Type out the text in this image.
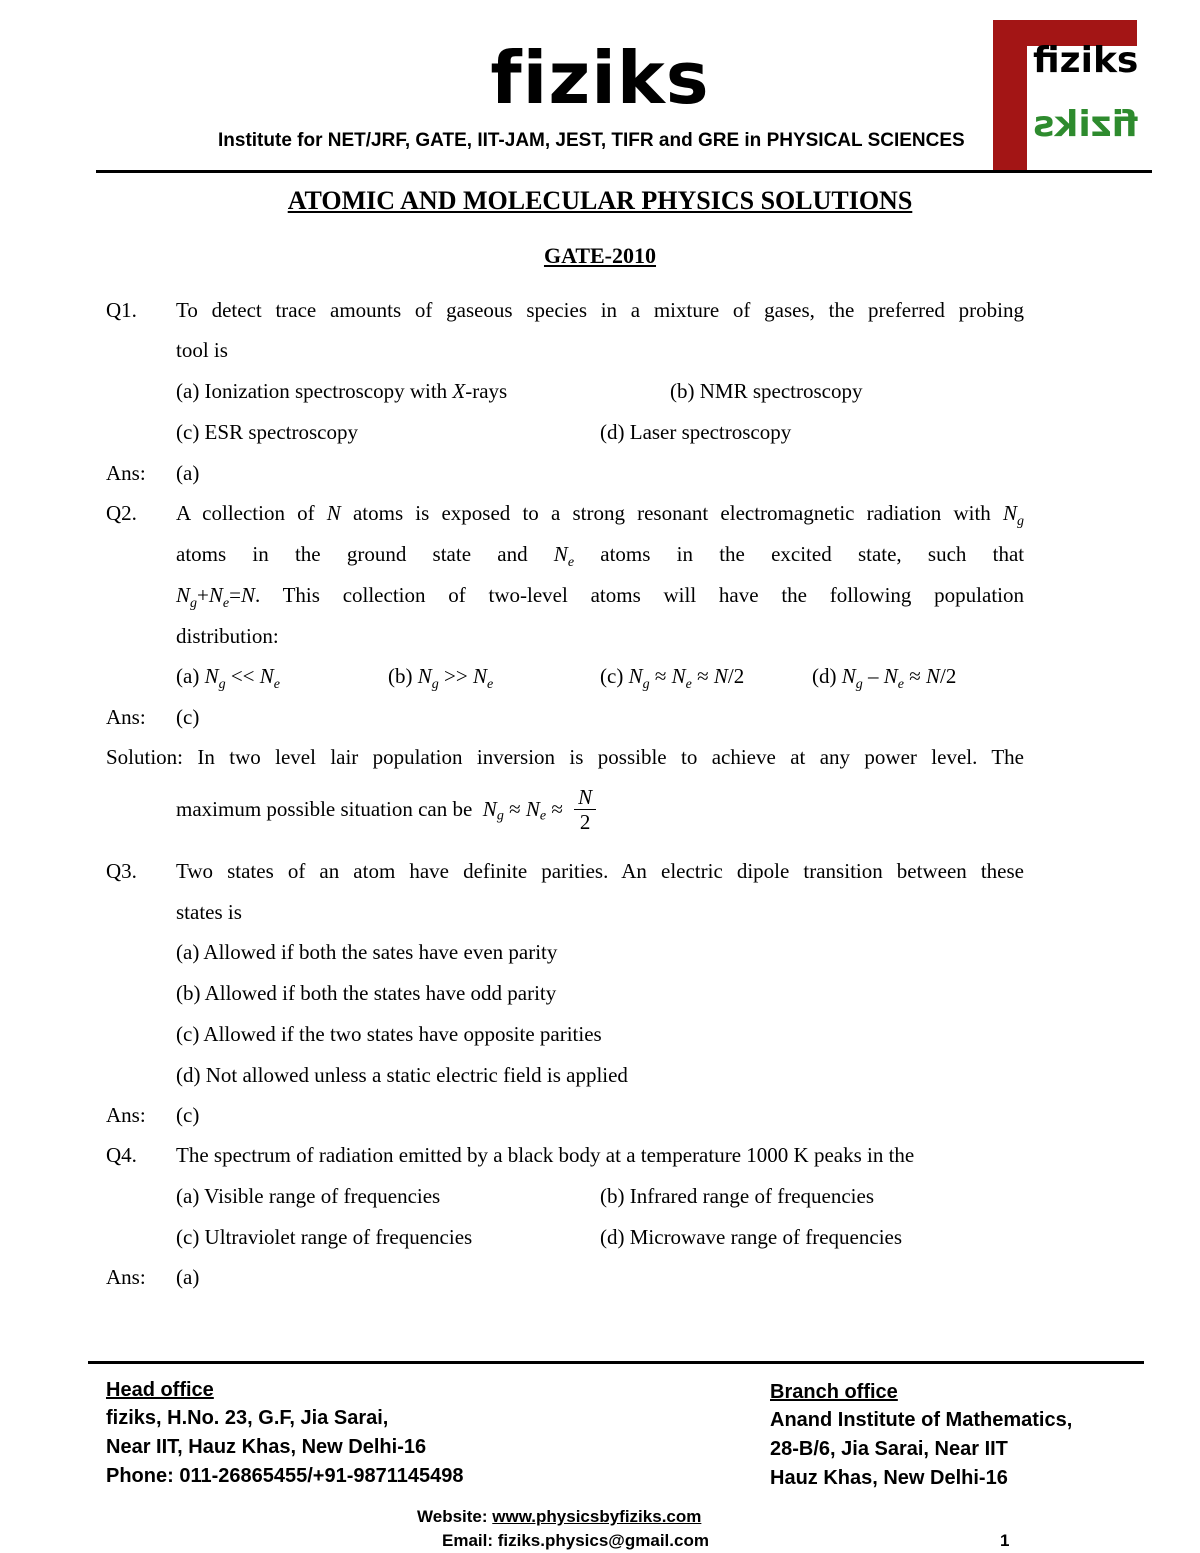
fiziks
Institute for NET/JRF, GATE, IIT-JAM, JEST, TIFR and GRE in PHYSICAL SCIENCES
fiziks
fiziks
ATOMIC AND MOLECULAR PHYSICS SOLUTIONS
GATE-2010
Q1. To detect trace amounts of gaseous species in a mixture of gases, the preferred probing
tool is
(a) Ionization spectroscopy with X-rays	(b) NMR spectroscopy
(c) ESR spectroscopy	(d) Laser spectroscopy
Ans: (a)
Q2. A collection of N atoms is exposed to a strong resonant electromagnetic radiation with $N_g$
atoms in the ground state and $N_e$ atoms in the excited state, such that
$N_g+N_e=N$. This collection of two-level atoms will have the following population
distribution:
(a) $N_g << N_e$	(b) $N_g >> N_e$	(c) $N_g \approx N_e \approx N/2$	(d) $N_g - N_e \approx N/2$
Ans: (c)
Solution: In two level lair population inversion is possible to achieve at any power level. The
maximum possible situation can be $N_g \approx N_e \approx \frac{N}{2}$
Q3. Two states of an atom have definite parities. An electric dipole transition between these
states is
(a) Allowed if both the sates have even parity
(b) Allowed if both the states have odd parity
(c) Allowed if the two states have opposite parities
(d) Not allowed unless a static electric field is applied
Ans: (c)
Q4. The spectrum of radiation emitted by a black body at a temperature 1000 K peaks in the
(a) Visible range of frequencies	(b) Infrared range of frequencies
(c) Ultraviolet range of frequencies	(d) Microwave range of frequencies
Ans: (a)
Head office
fiziks, H.No. 23, G.F, Jia Sarai,
Near IIT, Hauz Khas, New Delhi-16
Phone: 011-26865455/+91-9871145498
Branch office
Anand Institute of Mathematics,
28-B/6, Jia Sarai, Near IIT
Hauz Khas, New Delhi-16
Website: www.physicsbyfiziks.com
Email: fiziks.physics@gmail.com	1
